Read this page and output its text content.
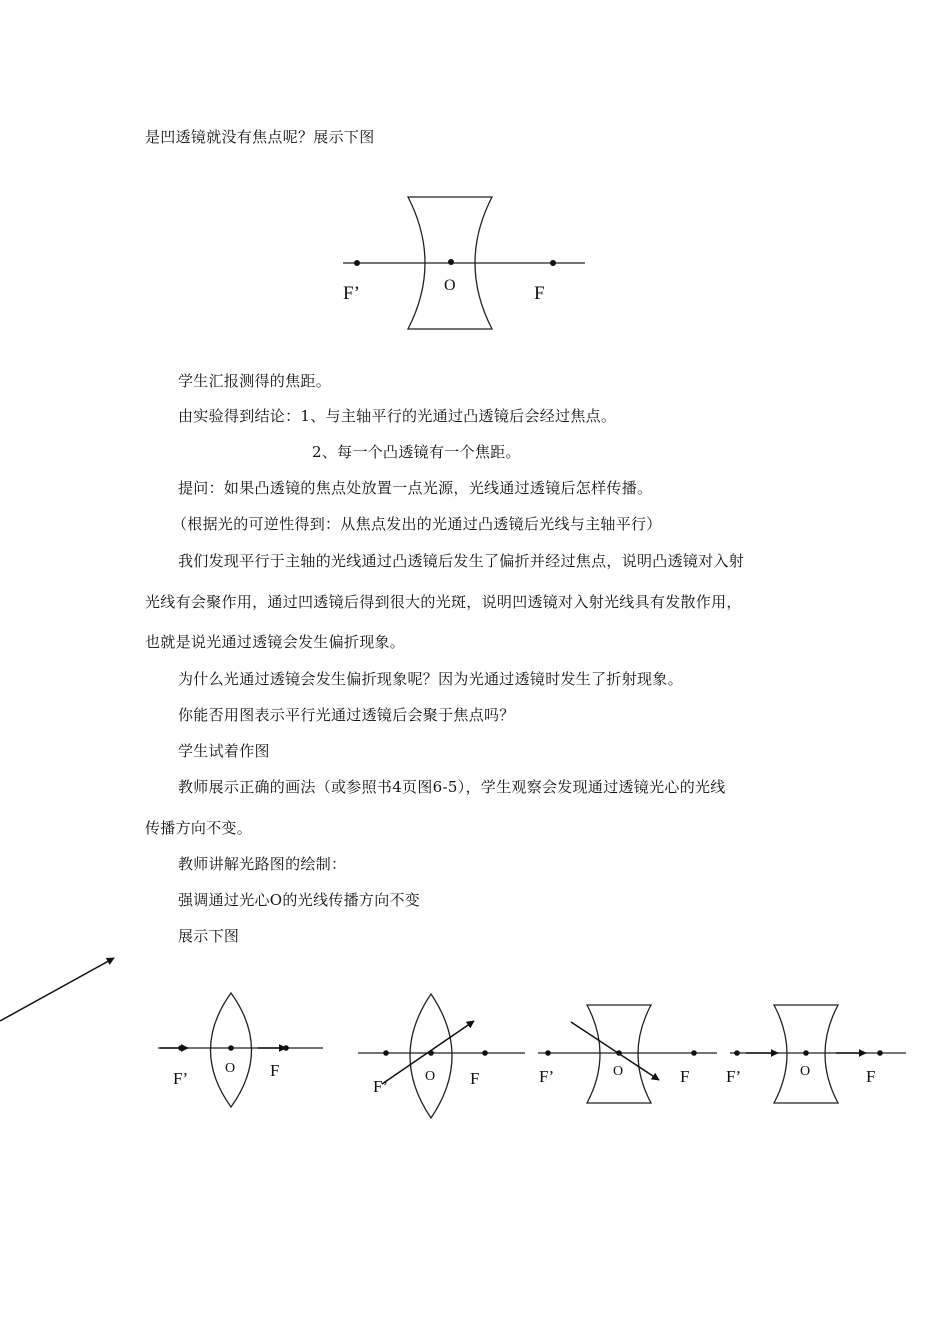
是凹透镜就没有焦点呢？展示下图
学生汇报测得的焦距。
由实验得到结论：1、与主轴平行的光通过凸透镜后会经过焦点。
2、每一个凸透镜有一个焦距。
提问：如果凸透镜的焦点处放置一点光源，光线通过透镜后怎样传播。
（根据光的可逆性得到：从焦点发出的光通过凸透镜后光线与主轴平行）
我们发现平行于主轴的光线通过凸透镜后发生了偏折并经过焦点，说明凸透镜对入射
光线有会聚作用，通过凹透镜后得到很大的光斑，说明凹透镜对入射光线具有发散作用，
也就是说光通过透镜会发生偏折现象。
为什么光通过透镜会发生偏折现象呢？因为光通过透镜时发生了折射现象。
你能否用图表示平行光通过透镜后会聚于焦点吗？
学生试着作图
教师展示正确的画法（或参照书4页图6-5），学生观察会发现通过透镜光心的光线
传播方向不变。
教师讲解光路图的绘制：
强调通过光心O的光线传播方向不变
展示下图
F’	O	F
F’
O F
F’
O F	F’	O	F F’	O	F
